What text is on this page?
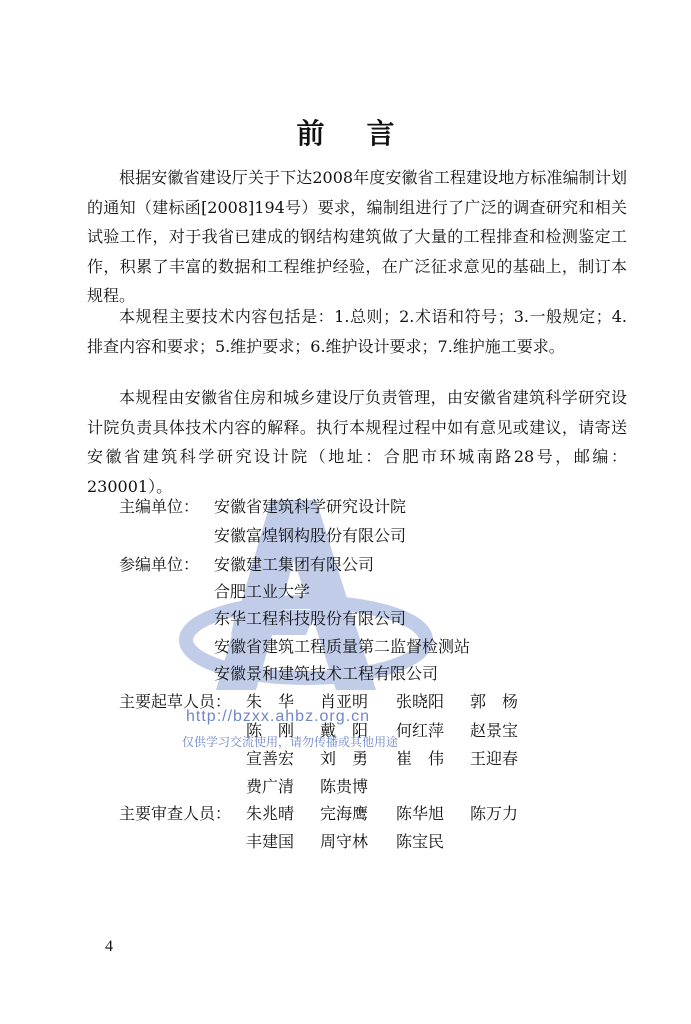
前言

根据安徽省建设厅关于下达2008年度安徽省工程建设地方标准编制计划的通知（建标函[2008]194号）要求，编制组进行了广泛的调查研究和相关试验工作，对于我省已建成的钢结构建筑做了大量的工程排查和检测鉴定工作，积累了丰富的数据和工程维护经验，在广泛征求意见的基础上，制订本规程。

本规程主要技术内容包括是：1.总则；2.术语和符号；3.一般规定；4.排查内容和要求；5.维护要求；6.维护设计要求；7.维护施工要求。

本规程由安徽省住房和城乡建设厅负责管理，由安徽省建筑科学研究设计院负责具体技术内容的解释。执行本规程过程中如有意见或建议，请寄送安徽省建筑科学研究设计院（地址：合肥市环城南路28号，邮编：230001）。

主编单位： 安徽省建筑科学研究设计院
安徽富煌钢构股份有限公司
参编单位： 安徽建工集团有限公司
合肥工业大学
东华工程科技股份有限公司
安徽省建筑工程质量第二监督检测站
安徽景和建筑技术工程有限公司
主要起草人员： 朱　华 肖亚明 张晓阳 郭　杨
陈　刚 戴　阳 何红萍 赵景宝
宣善宏 刘　勇 崔　伟 王迎春
费广清 陈贵博
主要审查人员： 朱兆晴 完海鹰 陈华旭 陈万力
丰建国 周守林 陈宝民
http://bzxx.ahbz.org.cn
仅供学习交流使用，请勿传播或其他用途
4
